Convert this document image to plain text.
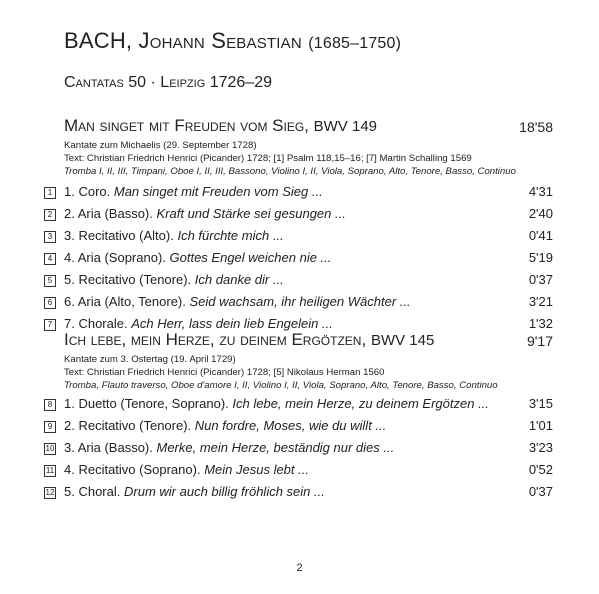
BACH, Johann Sebastian (1685–1750)
Cantatas 50 · Leipzig 1726–29
Man singet mit Freuden vom Sieg, BWV 149	18'58
Kantate zum Michaelis (29. September 1728)
Text: Christian Friedrich Henrici (Picander) 1728; [1] Psalm 118,15–16; [7] Martin Schalling 1569
Tromba I, II, III, Timpani, Oboe I, II, III, Bassono, Violino I, II, Viola, Soprano, Alto, Tenore, Basso, Continuo
1 1. Coro. Man singet mit Freuden vom Sieg ...	4'31
2 2. Aria (Basso). Kraft und Stärke sei gesungen ...	2'40
3 3. Recitativo (Alto). Ich fürchte mich ...	0'41
4 4. Aria (Soprano). Gottes Engel weichen nie ...	5'19
5 5. Recitativo (Tenore). Ich danke dir ...	0'37
6 6. Aria (Alto, Tenore). Seid wachsam, ihr heiligen Wächter ...	3'21
7 7. Chorale. Ach Herr, lass dein lieb Engelein ...	1'32
Ich lebe, mein Herze, zu deinem Ergötzen, BWV 145	9'17
Kantate zum 3. Ostertag (19. April 1729)
Text: Christian Friedrich Henrici (Picander) 1728; [5] Nikolaus Herman 1560
Tromba, Flauto traverso, Oboe d'amore I, II, Violino I, II, Viola, Soprano, Alto, Tenore, Basso, Continuo
8 1. Duetto (Tenore, Soprano). Ich lebe, mein Herze, zu deinem Ergötzen ...	3'15
9 2. Recitativo (Tenore). Nun fordre, Moses, wie du willt ...	1'01
10 3. Aria (Basso). Merke, mein Herze, beständig nur dies ...	3'23
11 4. Recitativo (Soprano). Mein Jesus lebt ...	0'52
12 5. Choral. Drum wir auch billig fröhlich sein ...	0'37
2
